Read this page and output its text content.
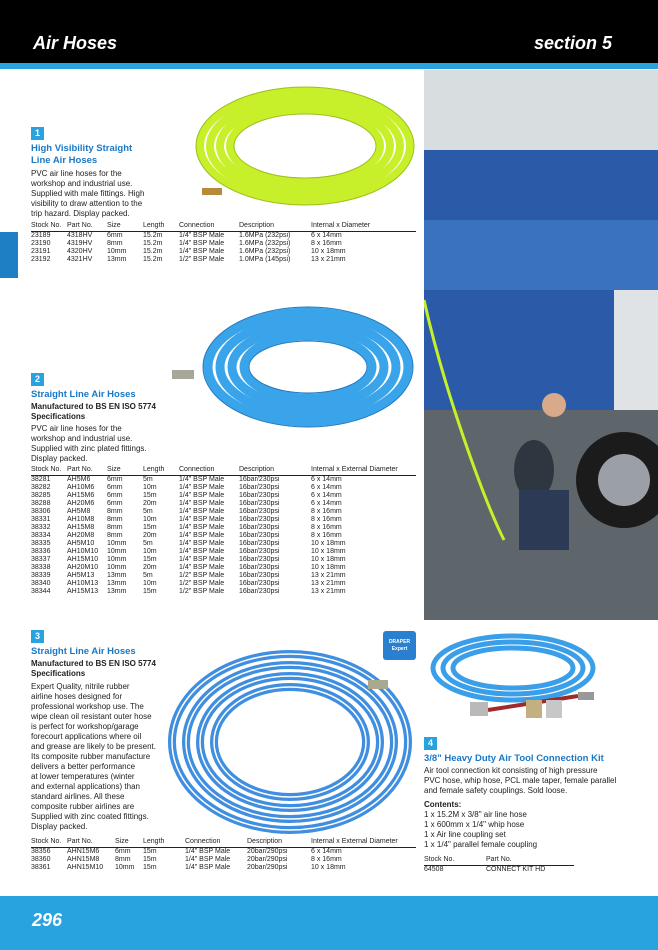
Air Hoses	section 5
1
High Visibility Straight
Line Air Hoses
PVC air line hoses for the
workshop and industrial use.
Supplied with male fittings. High
visibility to draw attention to the
trip hazard. Display packed.
Stock No.	Part No.	Size	Length	Connection	Description	Internal x Diameter
23189	4318HV	6mm	15.2m	1/4" BSP Male	1.6MPa (232psi)	6 x 14mm
23190	4319HV	8mm	15.2m	1/4" BSP Male	1.6MPa (232psi)	8 x 16mm
23191	4320HV	10mm	15.2m	1/4" BSP Male	1.6MPa (232psi)	10 x 18mm
23192	4321HV	13mm	15.2m	1/2" BSP Male	1.0MPa (145psi)	13 x 21mm
2
Straight Line Air Hoses
Manufactured to BS EN ISO 5774
Specifications
PVC air line hoses for the
workshop and industrial use.
Supplied with zinc plated fittings.
Display packed.
Stock No.	Part No.	Size	Length	Connection	Description	Internal x External Diameter
38281	AH5M6	6mm	5m	1/4" BSP Male	16bar/230psi	6 x 14mm
38282	AH10M6	6mm	10m	1/4" BSP Male	16bar/230psi	6 x 14mm
38285	AH15M6	6mm	15m	1/4" BSP Male	16bar/230psi	6 x 14mm
38288	AH20M6	6mm	20m	1/4" BSP Male	16bar/230psi	6 x 14mm
38306	AH5M8	8mm	5m	1/4" BSP Male	16bar/230psi	8 x 16mm
38331	AH10M8	8mm	10m	1/4" BSP Male	16bar/230psi	8 x 16mm
38332	AH15M8	8mm	15m	1/4" BSP Male	16bar/230psi	8 x 16mm
38334	AH20M8	8mm	20m	1/4" BSP Male	16bar/230psi	8 x 16mm
38335	AH5M10	10mm	5m	1/4" BSP Male	16bar/230psi	10 x 18mm
38336	AH10M10	10mm	10m	1/4" BSP Male	16bar/230psi	10 x 18mm
38337	AH15M10	10mm	15m	1/4" BSP Male	16bar/230psi	10 x 18mm
38338	AH20M10	10mm	20m	1/4" BSP Male	16bar/230psi	10 x 18mm
38339	AH5M13	13mm	5m	1/2" BSP Male	16bar/230psi	13 x 21mm
38340	AH10M13	13mm	10m	1/2" BSP Male	16bar/230psi	13 x 21mm
38344	AH15M13	13mm	15m	1/2" BSP Male	16bar/230psi	13 x 21mm
DRAPER
Expert
3
Straight Line Air Hoses
Manufactured to BS EN ISO 5774
Specifications
Expert Quality, nitrile rubber
airline hoses designed for
professional workshop use. The
wipe clean oil resistant outer hose
is perfect for workshop/garage
forecourt applications where oil
and grease are likely to be present.
Its composite rubber manufacture
delivers a better performance
at lower temperatures (winter
and external applications) than
standard airlines. All these
composite rubber airlines are
Supplied with zinc coated fittings.
Display packed.
Stock No.	Part No.	Size	Length	Connection	Description	Internal x External Diameter
38356	AHN15M6	6mm	15m	1/4" BSP Male	20bar/290psi	6 x 14mm
38360	AHN15M8	8mm	15m	1/4" BSP Male	20bar/290psi	8 x 16mm
38361	AHN15M10	10mm	15m	1/4" BSP Male	20bar/290psi	10 x 18mm
4
3/8" Heavy Duty Air Tool Connection Kit
Air tool connection kit consisting of high pressure
PVC hose, whip hose, PCL male taper, female parallel
and female safety couplings. Sold loose.
Contents:
1 x 15.2M x 3/8" air line hose
1 x 600mm x 1/4" whip hose
1 x Air line coupling set
1 x 1/4" parallel female coupling
Stock No.	Part No.
64508	CONNECT KIT HD
296
